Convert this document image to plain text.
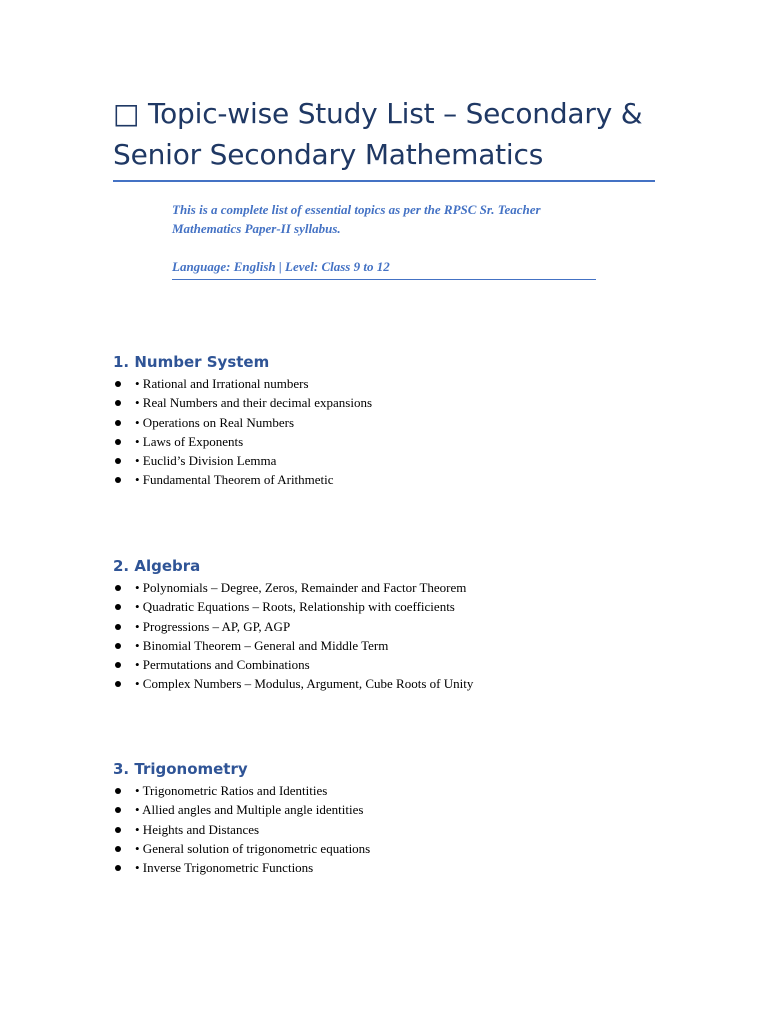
□ Topic-wise Study List – Secondary & Senior Secondary Mathematics

This is a complete list of essential topics as per the RPSC Sr. Teacher Mathematics Paper-II syllabus.

Language: English | Level: Class 9 to 12

1. Number System
• Rational and Irrational numbers
• Real Numbers and their decimal expansions
• Operations on Real Numbers
• Laws of Exponents
• Euclid’s Division Lemma
• Fundamental Theorem of Arithmetic
2. Algebra
• Polynomials – Degree, Zeros, Remainder and Factor Theorem
• Quadratic Equations – Roots, Relationship with coefficients
• Progressions – AP, GP, AGP
• Binomial Theorem – General and Middle Term
• Permutations and Combinations
• Complex Numbers – Modulus, Argument, Cube Roots of Unity
3. Trigonometry
• Trigonometric Ratios and Identities
• Allied angles and Multiple angle identities
• Heights and Distances
• General solution of trigonometric equations
• Inverse Trigonometric Functions
